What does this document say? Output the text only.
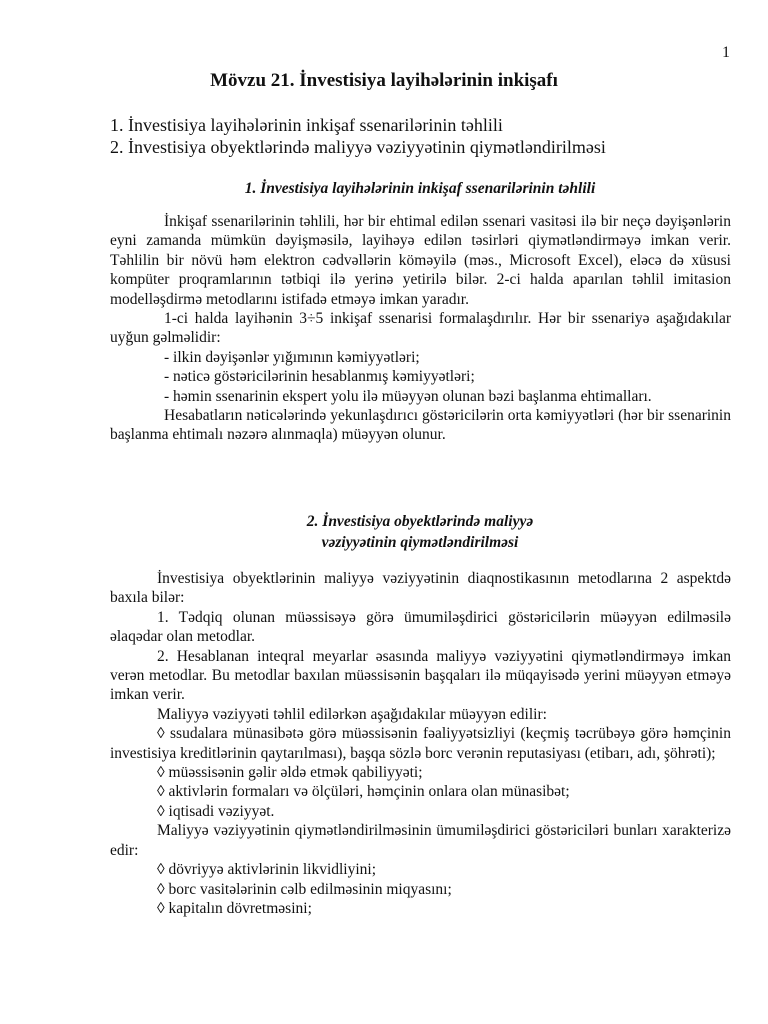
1
Mövzu 21. İnvestisiya layihələrinin inkişafı
1. İnvestisiya layihələrinin inkişaf ssenarilərinin təhlili
2. İnvestisiya obyektlərində maliyyə vəziyyətinin qiymətləndirilməsi
1. İnvestisiya layihələrinin inkişaf ssenarilərinin təhlili

İnkişaf ssenarilərinin təhlili, hər bir ehtimal edilən ssenari vasitəsi ilə bir neçə dəyişənlərin eyni zamanda mümkün dəyişməsilə, layihəyə edilən təsirləri qiymətləndirməyə imkan verir. Təhlilin bir növü həm elektron cədvəllərin köməyilə (məs., Microsoft Excel), eləcə də xüsusi kompüter proqramlarının tətbiqi ilə yerinə yetirilə bilər. 2-ci halda aparılan təhlil imitasion modelləşdirmə metodlarını istifadə etməyə imkan yaradır.

1-ci halda layihənin 3÷5 inkişaf ssenarisi formalaşdırılır. Hər bir ssenariyə aşağıdakılar uyğun gəlməlidir:

- ilkin dəyişənlər yığımının kəmiyyətləri;

- nəticə göstəricilərinin hesablanmış kəmiyyətləri;

- həmin ssenarinin ekspert yolu ilə müəyyən olunan bəzi başlanma ehtimalları.

Hesabatların nəticələrində yekunlaşdırıcı göstəricilərin orta kəmiyyətləri (hər bir ssenarinin başlanma ehtimalı nəzərə alınmaqla) müəyyən olunur.

2. İnvestisiya obyektlərində maliyyə
vəziyyətinin qiymətləndirilməsi

İnvestisiya obyektlərinin maliyyə vəziyyətinin diaqnostikasının metodlarına 2 aspektdə baxıla bilər:

1. Tədqiq olunan müəssisəyə görə ümumiləşdirici göstəricilərin müəyyən edilməsilə əlaqədar olan metodlar.

2. Hesablanan inteqral meyarlar əsasında maliyyə vəziyyətini qiymətləndirməyə imkan verən metodlar. Bu metodlar baxılan müəssisənin başqaları ilə müqayisədə yerini müəyyən etməyə imkan verir.

Maliyyə vəziyyəti təhlil edilərkən aşağıdakılar müəyyən edilir:

◊ ssudalara münasibətə görə müəssisənin fəaliyyətsizliyi (keçmiş təcrübəyə görə həmçinin investisiya kreditlərinin qaytarılması), başqa sözlə borc verənin reputasiyası (etibarı, adı, şöhrəti);

◊ müəssisənin gəlir əldə etmək qabiliyyəti;

◊ aktivlərin formaları və ölçüləri, həmçinin onlara olan münasibət;

◊ iqtisadi vəziyyət.

Maliyyə vəziyyətinin qiymətləndirilməsinin ümumiləşdirici göstəriciləri bunları xarakterizə edir:

◊ dövriyyə aktivlərinin likvidliyini;

◊ borc vasitələrinin cəlb edilməsinin miqyasını;

◊ kapitalın dövretməsini;
